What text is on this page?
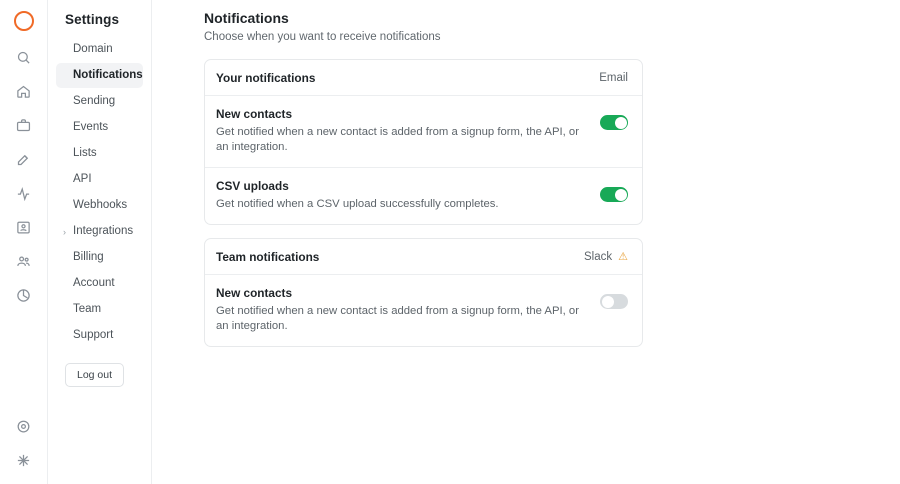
Settings
Domain
Notifications
Sending
Events
Lists
API
Webhooks
› Integrations
Billing
Account
Team
Support
Log out
Notifications
Choose when you want to receive notifications
Your notifications	Email
New contacts
Get notified when a new contact is added from a signup form, the API, or an integration.
CSV uploads
Get notified when a CSV upload successfully completes.
Team notifications	Slack ⚠
New contacts
Get notified when a new contact is added from a signup form, the API, or an integration.
